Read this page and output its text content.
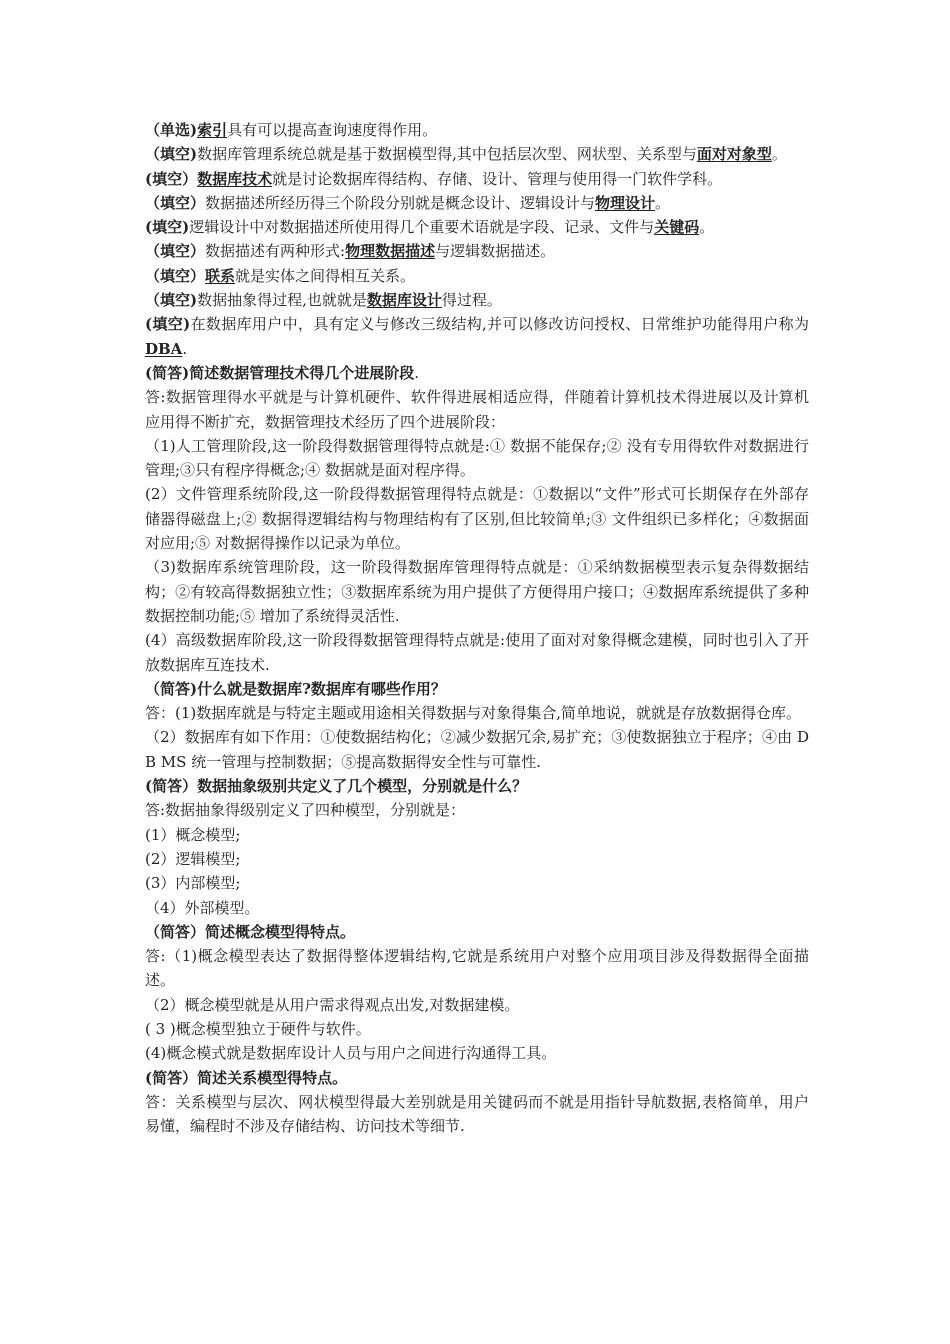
（单选)索引具有可以提高查询速度得作用。
（填空)数据库管理系统总就是基于数据模型得,其中包括层次型、网状型、关系型与面对对象型。
(填空）数据库技术就是讨论数据库得结构、存储、设计、管理与使用得一门软件学科。
（填空）数据描述所经历得三个阶段分别就是概念设计、逻辑设计与物理设计。
(填空)逻辑设计中对数据描述所使用得几个重要术语就是字段、记录、文件与关键码。
（填空）数据描述有两种形式:物理数据描述与逻辑数据描述。
（填空）联系就是实体之间得相互关系。
（填空)数据抽象得过程,也就就是数据库设计得过程。
(填空)在数据库用户中，具有定义与修改三级结构,并可以修改访问授权、日常维护功能得用户称为 DBA.
(简答)简述数据管理技术得几个进展阶段.
答:数据管理得水平就是与计算机硬件、软件得进展相适应得，伴随着计算机技术得进展以及计算机应用得不断扩充，数据管理技术经历了四个进展阶段：
（1)人工管理阶段,这一阶段得数据管理得特点就是:① 数据不能保存;② 没有专用得软件对数据进行管理;③只有程序得概念;④ 数据就是面对程序得。
(2）文件管理系统阶段,这一阶段得数据管理得特点就是：①数据以“文件”形式可长期保存在外部存储器得磁盘上;② 数据得逻辑结构与物理结构有了区别,但比较简单;③ 文件组织已多样化；④数据面对应用;⑤ 对数据得操作以记录为单位。
（3)数据库系统管理阶段，这一阶段得数据库管理得特点就是：①采纳数据模型表示复杂得数据结构；②有较高得数据独立性；③数据库系统为用户提供了方便得用户接口；④数据库系统提供了多种数据控制功能;⑤ 增加了系统得灵活性.
(4）高级数据库阶段,这一阶段得数据管理得特点就是:使用了面对对象得概念建模，同时也引入了开放数据库互连技术.
（简答)什么就是数据库?数据库有哪些作用？
答：(1)数据库就是与特定主题或用途相关得数据与对象得集合,简单地说，就就是存放数据得仓库。
（2）数据库有如下作用：①使数据结构化；②减少数据冗余,易扩充；③使数据独立于程序；④由 D B MS 统一管理与控制数据；⑤提高数据得安全性与可靠性.
(简答）数据抽象级别共定义了几个模型，分别就是什么？
答:数据抽象得级别定义了四种模型，分别就是：
(1）概念模型;
(2）逻辑模型;
(3）内部模型;
（4）外部模型。
（简答）简述概念模型得特点。
答:（1)概念模型表达了数据得整体逻辑结构,它就是系统用户对整个应用项目涉及得数据得全面描述。
（2）概念模型就是从用户需求得观点出发,对数据建模。
( 3 )概念模型独立于硬件与软件。
(4)概念模式就是数据库设计人员与用户之间进行沟通得工具。
(简答）简述关系模型得特点。
答：关系模型与层次、网状模型得最大差别就是用关键码而不就是用指针导航数据,表格简单，用户易懂，编程时不涉及存储结构、访问技术等细节.
